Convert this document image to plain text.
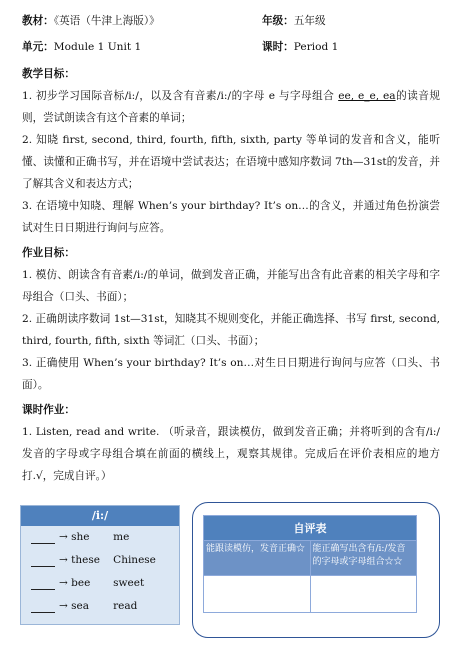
教材：《英语（牛津上海版）》	年级：五年级
单元：Module 1 Unit 1	课时：Period 1
教学目标：
1. 初步学习国际音标/i:/，以及含有音素/i:/的字母 e 与字母组合 ee, e_e, ea的读音规则，尝试朗读含有这个音素的单词；
2. 知晓 first, second, third, fourth, fifth, sixth, party 等单词的发音和含义，能听懂、读懂和正确书写，并在语境中尝试表达；在语境中感知序数词 7th—31st的发音，并了解其含义和表达方式；
3. 在语境中知晓、理解 When’s your birthday? It’s on…的含义，并通过角色扮演尝试对生日日期进行询问与应答。
作业目标：
1. 模仿、朗读含有音素/i:/的单词，做到发音正确，并能写出含有此音素的相关字母和字母组合（口头、书面）；
2. 正确朗读序数词 1st—31st，知晓其不规则变化，并能正确选择、书写 first, second, third, fourth, fifth, sixth 等词汇（口头、书面）；
3. 正确使用 When’s your birthday? It’s on…对生日日期进行询问与应答（口头、书面）。
课时作业：
1. Listen, read and write. （听录音，跟读模仿，做到发音正确；并将听到的含有/i:/发音的字母或字母组合填在前面的横线上，观察其规律。完成后在评价表相应的地方打.√，完成自评。）
/i:/
→ she me
→ these Chinese
→ bee sweet
→ sea read
自评表	
能跟读模仿，发音正确☆	能正确写出含有/i:/发音的字母或字母组合☆☆
